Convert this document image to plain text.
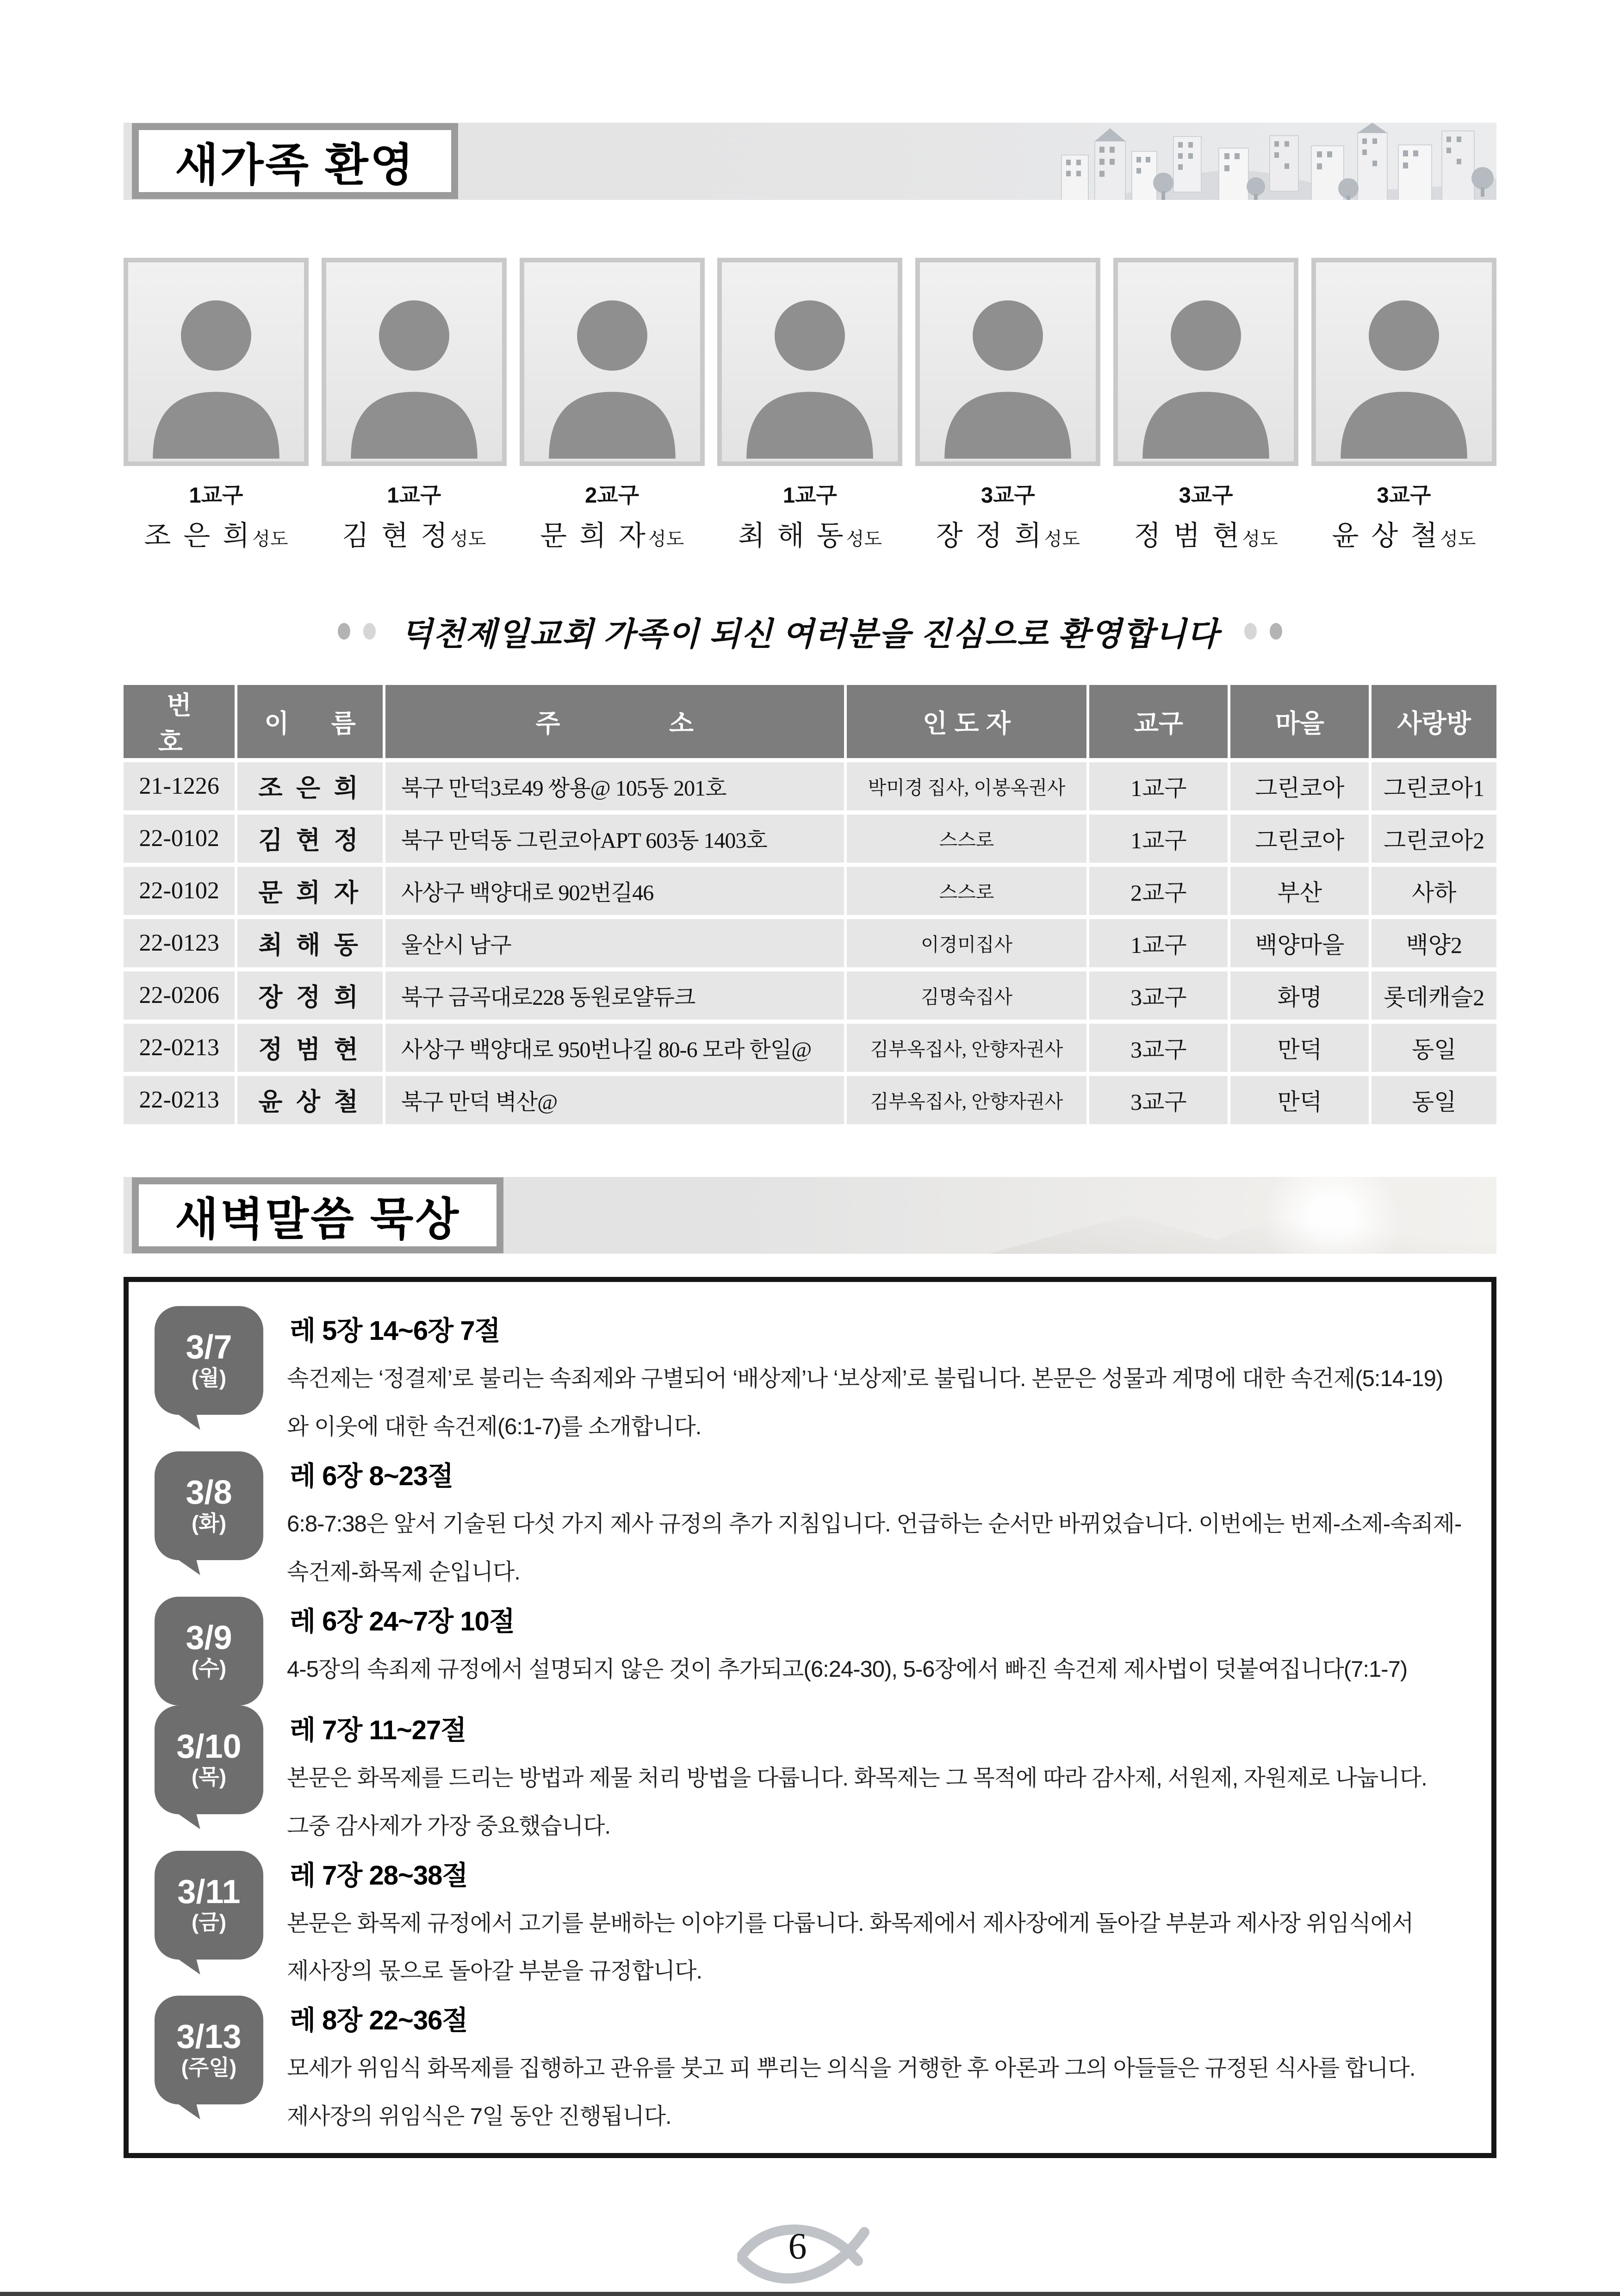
새가족 환영
1교구
조 은 희성도
1교구
김 현 정성도
2교구
문 희 자성도
1교구
최 해 동성도
3교구
장 정 희성도
3교구
정 범 현성도
3교구
윤 상 철성도
덕천제일교회 가족이 되신 여러분을 진심으로 환영합니다
번 호	이 름	주 소	인 도 자	교구	마을	사랑방
21-1226	조 은 희	북구 만덕3로49 쌍용@ 105동 201호	박미경 집사, 이봉옥권사	1교구	그린코아	그린코아1
22-0102	김 현 정	북구 만덕동 그린코아APT 603동 1403호	스스로	1교구	그린코아	그린코아2
22-0102	문 희 자	사상구 백양대로 902번길46	스스로	2교구	부산	사하
22-0123	최 해 동	울산시 남구	이경미집사	1교구	백양마을	백양2
22-0206	장 정 희	북구 금곡대로228 동원로얄듀크	김명숙집사	3교구	화명	롯데캐슬2
22-0213	정 범 현	사상구 백양대로 950번나길 80-6 모라 한일@	김부옥집사, 안향자권사	3교구	만덕	동일
22-0213	윤 상 철	북구 만덕 벽산@	김부옥집사, 안향자권사	3교구	만덕	동일
새벽말씀 묵상
3/7
(월)
레 5장 14~6장 7절
속건제는 ‘정결제’로 불리는 속죄제와 구별되어 ‘배상제’나 ‘보상제’로 불립니다. 본문은 성물과 계명에 대한 속건제(5:14-19)와 이웃에 대한 속건제(6:1-7)를 소개합니다.
3/8
(화)
레 6장 8~23절
6:8-7:38은 앞서 기술된 다섯 가지 제사 규정의 추가 지침입니다. 언급하는 순서만 바뀌었습니다. 이번에는 번제-소제-속죄제-속건제-화목제 순입니다.
3/9
(수)
레 6장 24~7장 10절
4-5장의 속죄제 규정에서 설명되지 않은 것이 추가되고(6:24-30), 5-6장에서 빠진 속건제 제사법이 덧붙여집니다(7:1-7)
3/10
(목)
레 7장 11~27절
본문은 화목제를 드리는 방법과 제물 처리 방법을 다룹니다. 화목제는 그 목적에 따라 감사제, 서원제, 자원제로 나눕니다. 그중 감사제가 가장 중요했습니다.
3/11
(금)
레 7장 28~38절
본문은 화목제 규정에서 고기를 분배하는 이야기를 다룹니다. 화목제에서 제사장에게 돌아갈 부분과 제사장 위임식에서 제사장의 몫으로 돌아갈 부분을 규정합니다.
3/13
(주일)
레 8장 22~36절
모세가 위임식 화목제를 집행하고 관유를 붓고 피 뿌리는 의식을 거행한 후 아론과 그의 아들들은 규정된 식사를 합니다. 제사장의 위임식은 7일 동안 진행됩니다.
6
